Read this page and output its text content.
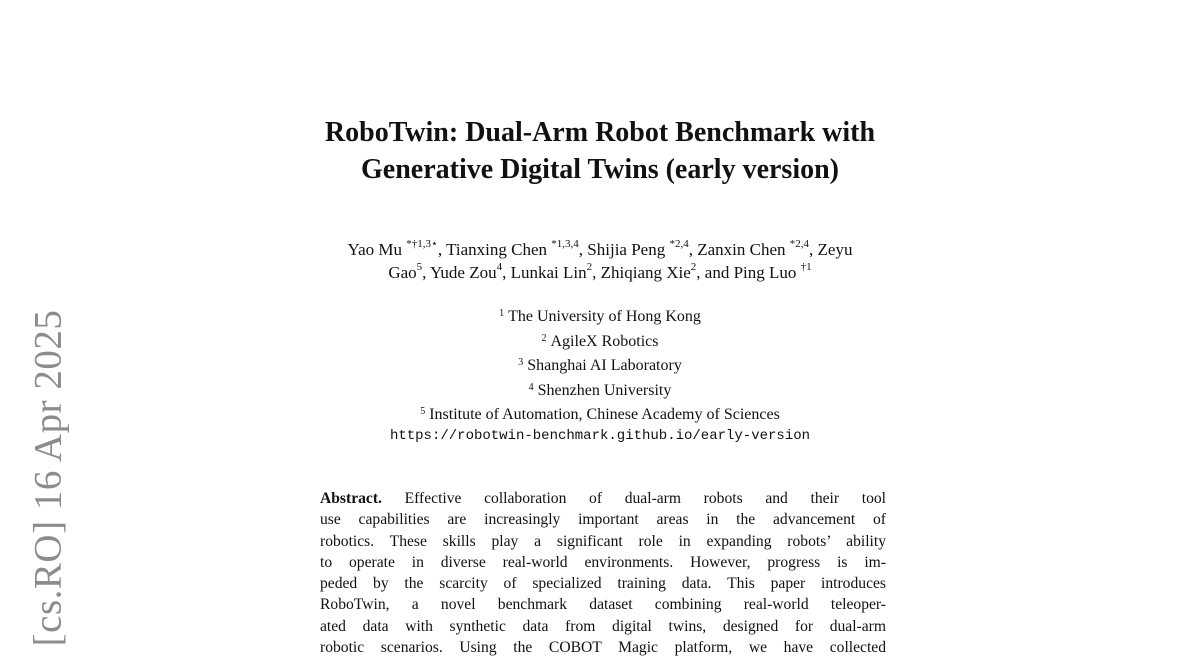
[cs.RO] 16 Apr 2025
RoboTwin: Dual-Arm Robot Benchmark with
Generative Digital Twins (early version)
Yao Mu $^{*\dagger 1,3⋆}$, Tianxing Chen $^{*1,3,4}$, Shijia Peng $^{*2,4}$, Zanxin Chen $^{*2,4}$, Zeyu
Gao$^5$, Yude Zou$^4$, Lunkai Lin$^2$, Zhiqiang Xie$^2$, and Ping Luo $^{\dagger 1}$
$^1$ The University of Hong Kong
$^2$ AgileX Robotics
$^3$ Shanghai AI Laboratory
$^4$ Shenzhen University
$^5$ Institute of Automation, Chinese Academy of Sciences
https://robotwin-benchmark.github.io/early-version
Abstract. Effective collaboration of dual-arm robots and their tool
use capabilities are increasingly important areas in the advancement of
robotics. These skills play a significant role in expanding robots’ ability
to operate in diverse real-world environments. However, progress is im-
peded by the scarcity of specialized training data. This paper introduces
RoboTwin, a novel benchmark dataset combining real-world teleoper-
ated data with synthetic data from digital twins, designed for dual-arm
robotic scenarios. Using the COBOT Magic platform, we have collected
